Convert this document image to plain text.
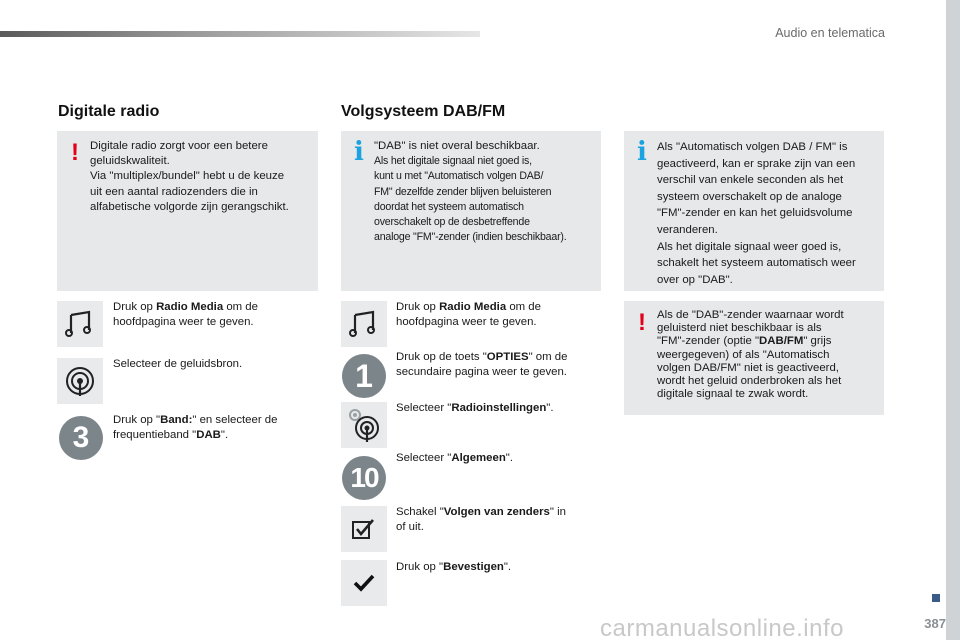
Audio en telematica
Digitale radio
! Digitale radio zorgt voor een betere

geluidskwaliteit.

Via "multiplex/bundel" hebt u de keuze

uit een aantal radiozenders die in

alfabetische volgorde zijn gerangschikt.

Druk op Radio Media om de
hoofdpagina weer te geven.
Selecteer de geluidsbron.
3
Druk op "Band:" en selecteer de
frequentieband "DAB".
Volgsysteem DAB/FM
i "DAB" is niet overal beschikbaar.

Als het digitale signaal niet goed is,

kunt u met "Automatisch volgen DAB/

FM" dezelfde zender blijven beluisteren

doordat het systeem automatisch

overschakelt op de desbetreffende

analoge "FM"-zender (indien beschikbaar).

Druk op Radio Media om de
hoofdpagina weer te geven.
1
Druk op de toets "OPTIES" om de
secundaire pagina weer te geven.
Selecteer "Radioinstellingen".
10
Selecteer "Algemeen".
Schakel "Volgen van zenders" in
of uit.
Druk op "Bevestigen".
i Als "Automatisch volgen DAB / FM" is

geactiveerd, kan er sprake zijn van een

verschil van enkele seconden als het

systeem overschakelt op de analoge

"FM"-zender en kan het geluidsvolume

veranderen.

Als het digitale signaal weer goed is,

schakelt het systeem automatisch weer

over op "DAB".

! Als de "DAB"-zender waarnaar wordt

geluisterd niet beschikbaar is als

"FM"-zender (optie "DAB/FM" grijs

weergegeven) of als "Automatisch

volgen DAB/FM" niet is geactiveerd,

wordt het geluid onderbroken als het

digitale signaal te zwak wordt.

387
carmanualsonline.info
